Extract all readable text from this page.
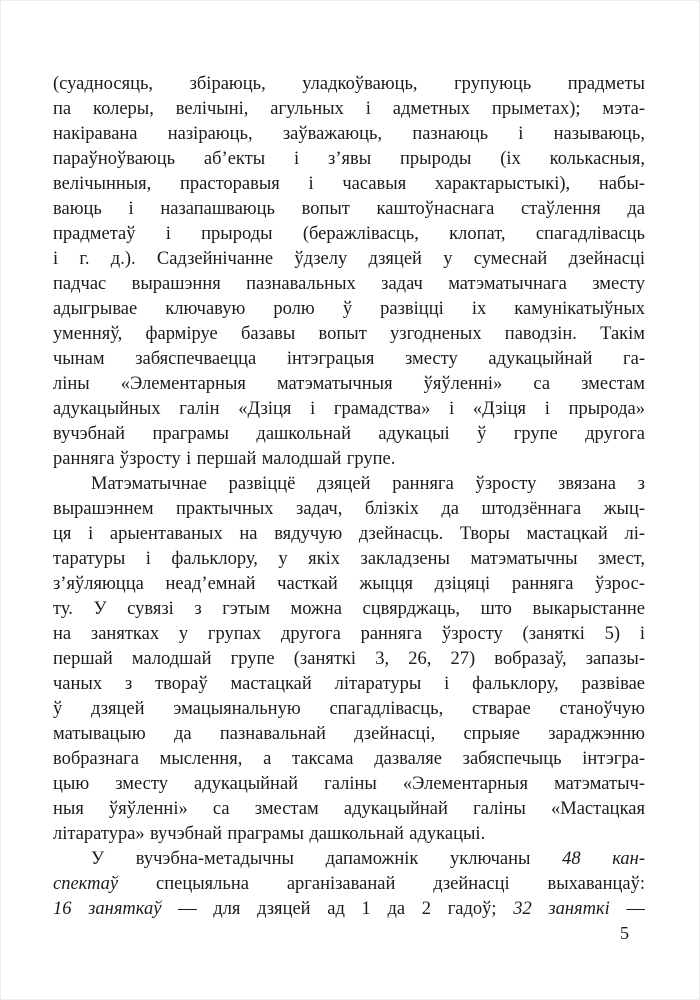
(суадносяць, збіраюць, уладкоўваюць, групуюць прадметы
па колеры, велічыні, агульных і адметных прыметах); мэта-
накіравана назіраюць, заўважаюць, пазнаюць і называюць,
параўноўваюць аб’екты і з’явы прыроды (іх колькасныя,
велічынныя, прасторавыя і часавыя характарыстыкі), набы-
ваюць і назапашваюць вопыт каштоўнаснага стаўлення да
прадметаў і прыроды (беражлівасць, клопат, спагадлівасць
і г. д.). Садзейнічанне ўдзелу дзяцей у сумеснай дзейнасці
падчас вырашэння пазнавальных задач матэматычнага зместу
адыгрывае ключавую ролю ў развіцці іх камунікатыўных
уменняў, фарміруе базавы вопыт узгодненых паводзін. Такім
чынам забяспечваецца інтэграцыя зместу адукацыйнай га-
ліны «Элементарныя матэматычныя ўяўленні» са зместам
адукацыйных галін «Дзіця і грамадства» і «Дзіця і прырода»
вучэбнай праграмы дашкольнай адукацыі ў групе другога
ранняга ўзросту і першай малодшай групе.
Матэматычнае развіццё дзяцей ранняга ўзросту звязана з
вырашэннем практычных задач, блізкіх да штодзённага жыц-
ця і арыентаваных на вядучую дзейнасць. Творы мастацкай лі-
таратуры і фальклору, у якіх закладзены матэматычны змест,
з’яўляюцца неад’емнай часткай жыцця дзіцяці ранняга ўзрос-
ту. У сувязі з гэтым можна сцвярджаць, што выкарыстанне
на занятках у групах другога ранняга ўзросту (заняткі 5) і
першай малодшай групе (заняткі 3, 26, 27) вобразаў, запазы-
чаных з твораў мастацкай літаратуры і фальклору, развівае
ў дзяцей эмацыянальную спагадлівасць, стварае станоўчую
матывацыю да пазнавальнай дзейнасці, спрыяе зараджэнню
вобразнага мыслення, а таксама дазваляе забяспечыць інтэгра-
цыю зместу адукацыйнай галіны «Элементарныя матэматыч-
ныя ўяўленні» са зместам адукацыйнай галіны «Мастацкая
літаратура» вучэбнай праграмы дашкольнай адукацыі.
У вучэбна-метадычны дапаможнік уключаны 48 кан-
спектаў спецыяльна арганізаванай дзейнасці выхаванцаў:
16 заняткаў — для дзяцей ад 1 да 2 гадоў; 32 заняткі —
5
